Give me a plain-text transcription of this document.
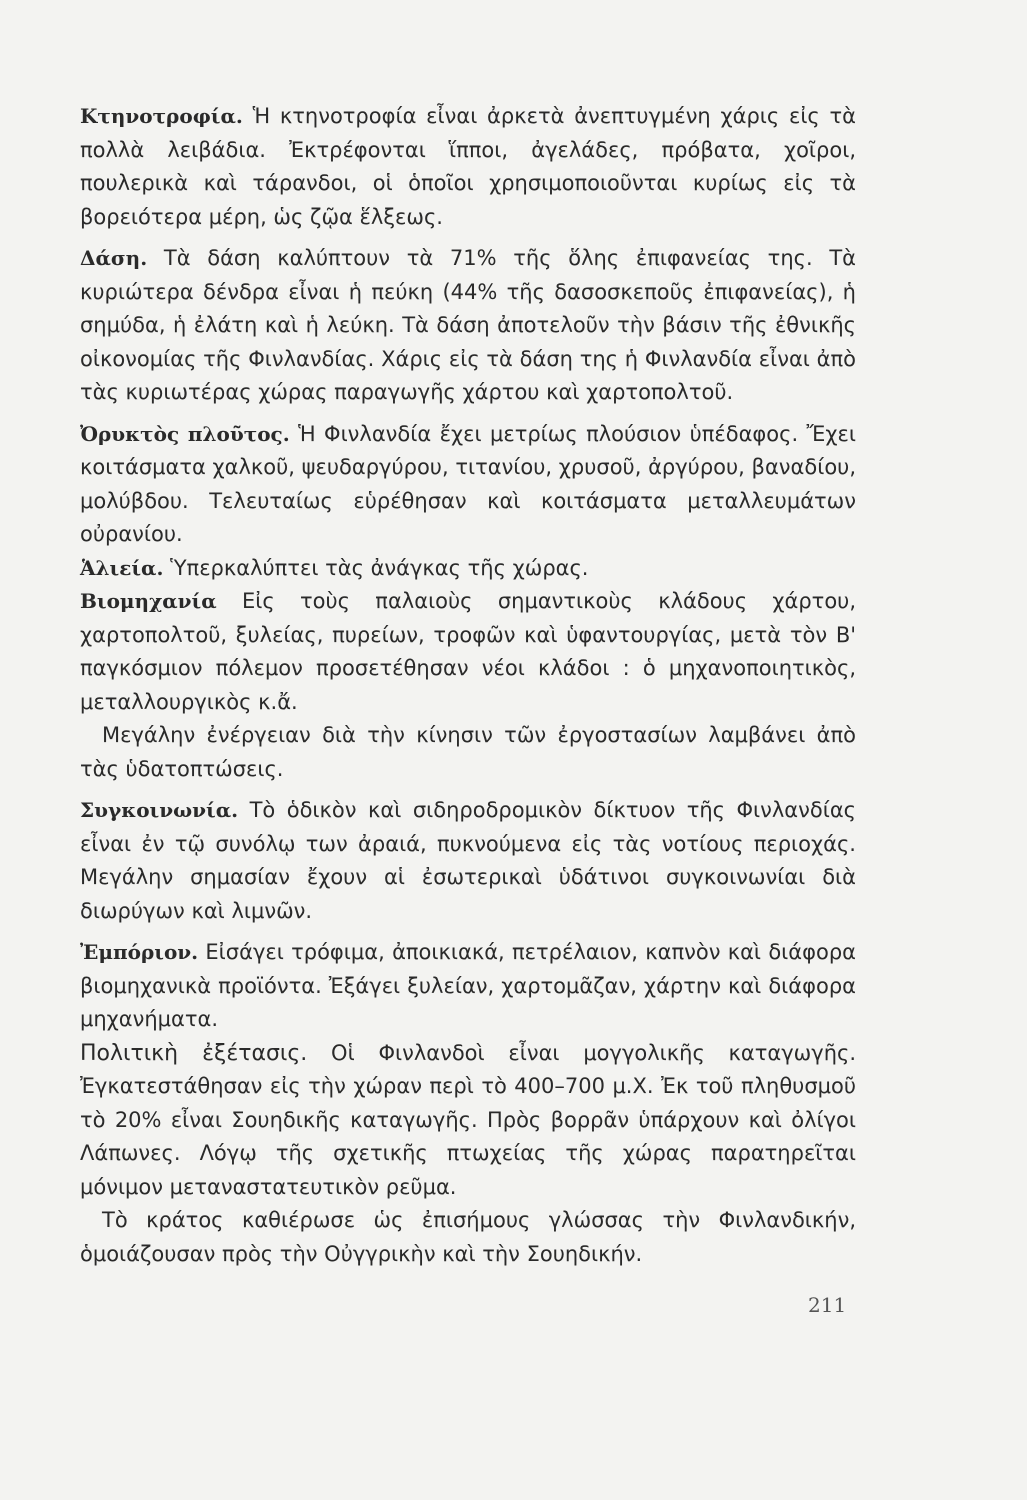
Κτηνοτροφία. Ἡ κτηνοτροφία εἶναι ἀρκετὰ ἀνεπτυγμένη χάρις εἰς τὰ πολλὰ λειβάδια. Ἐκτρέφονται ἵπποι, ἀγελάδες, πρόβατα, χοῖροι, πουλερικὰ καὶ τάρανδοι, οἱ ὁποῖοι χρησιμοποιοῦνται κυρίως εἰς τὰ βορειότερα μέρη, ὡς ζῷα ἕλξεως.

Δάση. Τὰ δάση καλύπτουν τὰ 71% τῆς ὅλης ἐπιφανείας της. Τὰ κυριώτερα δένδρα εἶναι ἡ πεύκη (44% τῆς δασοσκεποῦς ἐπιφανείας), ἡ σημύδα, ἡ ἐλάτη καὶ ἡ λεύκη. Τὰ δάση ἀποτελοῦν τὴν βάσιν τῆς ἐθνικῆς οἰκονομίας τῆς Φινλανδίας. Χάρις εἰς τὰ δάση της ἡ Φινλανδία εἶναι ἀπὸ τὰς κυριωτέρας χώρας παραγωγῆς χάρτου καὶ χαρτοπολτοῦ.

Ὀρυκτὸς πλοῦτος. Ἡ Φινλανδία ἔχει μετρίως πλούσιον ὑπέδαφος. Ἔχει κοιτάσματα χαλκοῦ, ψευδαργύρου, τιτανίου, χρυσοῦ, ἀργύρου, βαναδίου, μολύβδου. Τελευταίως εὑρέθησαν καὶ κοιτάσματα μεταλλευμάτων οὐρανίου.

Ἁλιεία. Ὑπερκαλύπτει τὰς ἀνάγκας τῆς χώρας.

Βιομηχανία Εἰς τοὺς παλαιοὺς σημαντικοὺς κλάδους χάρτου, χαρτοπολτοῦ, ξυλείας, πυρείων, τροφῶν καὶ ὑφαντουργίας, μετὰ τὸν Β' παγκόσμιον πόλεμον προσετέθησαν νέοι κλάδοι : ὁ μηχανοποιητικὸς, μεταλλουργικὸς κ.ἄ.

Μεγάλην ἐνέργειαν διὰ τὴν κίνησιν τῶν ἐργοστασίων λαμβάνει ἀπὸ τὰς ὑδατοπτώσεις.

Συγκοινωνία. Τὸ ὁδικὸν καὶ σιδηροδρομικὸν δίκτυον τῆς Φινλανδίας εἶναι ἐν τῷ συνόλῳ των ἀραιά, πυκνούμενα εἰς τὰς νοτίους περιοχάς. Μεγάλην σημασίαν ἔχουν αἱ ἐσωτερικαὶ ὑδάτινοι συγκοινωνίαι διὰ διωρύγων καὶ λιμνῶν.

Ἐμπόριον. Εἰσάγει τρόφιμα, ἀποικιακά, πετρέλαιον, καπνὸν καὶ διάφορα βιομηχανικὰ προϊόντα. Ἐξάγει ξυλείαν, χαρτομᾶζαν, χάρτην καὶ διάφορα μηχανήματα.

Πολιτικὴ ἐξέτασις. Οἱ Φινλανδοὶ εἶναι μογγολικῆς καταγωγῆς. Ἐγκατεστάθησαν εἰς τὴν χώραν περὶ τὸ 400–700 μ.Χ. Ἐκ τοῦ πληθυσμοῦ τὸ 20% εἶναι Σουηδικῆς καταγωγῆς. Πρὸς βορρᾶν ὑπάρχουν καὶ ὀλίγοι Λάπωνες. Λόγῳ τῆς σχετικῆς πτωχείας τῆς χώρας παρατηρεῖται μόνιμον μεταναστατευτικὸν ρεῦμα.

Τὸ κράτος καθιέρωσε ὡς ἐπισήμους γλώσσας τὴν Φινλανδικήν, ὁμοιάζουσαν πρὸς τὴν Οὐγγρικὴν καὶ τὴν Σουηδικήν.

211
